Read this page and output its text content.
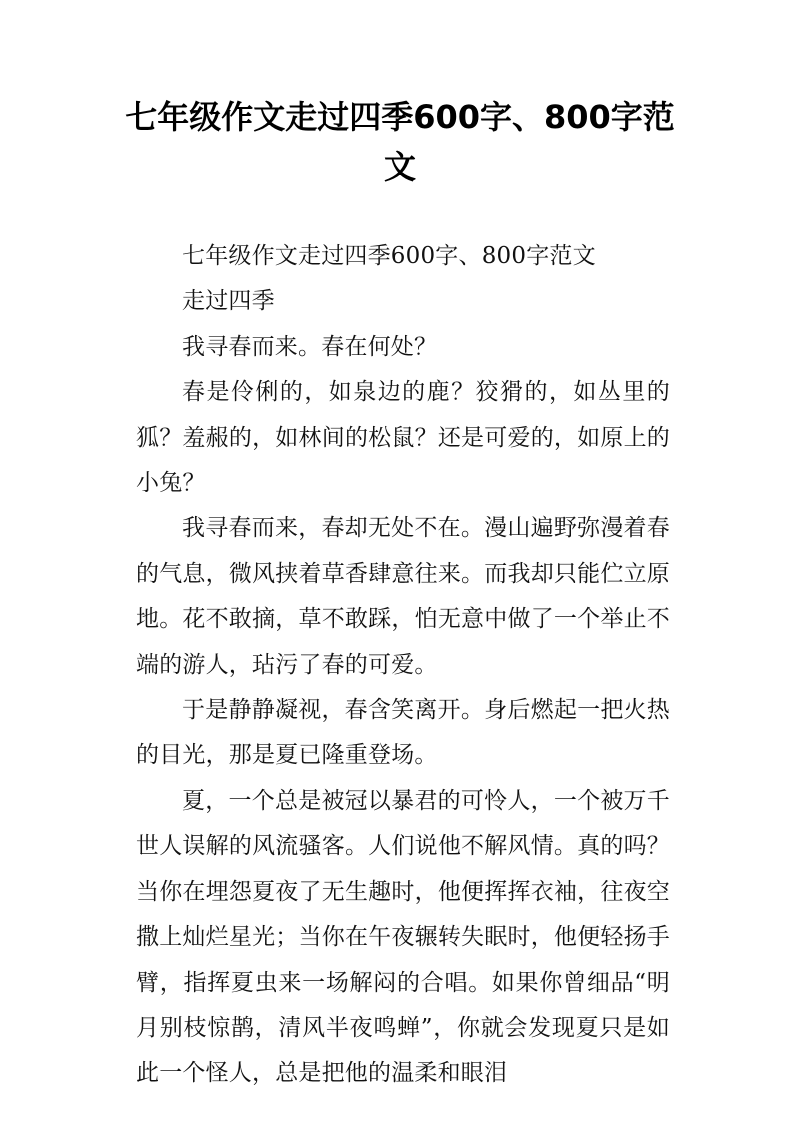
七年级作文走过四季600字、800字范文

七年级作文走过四季600字、800字范文

走过四季

我寻春而来。春在何处？

春是伶俐的，如泉边的鹿？狡猾的，如丛里的狐？羞赧的，如林间的松鼠？还是可爱的，如原上的小兔？

我寻春而来，春却无处不在。漫山遍野弥漫着春的气息，微风挟着草香肆意往来。而我却只能伫立原地。花不敢摘，草不敢踩，怕无意中做了一个举止不端的游人，玷污了春的可爱。

于是静静凝视，春含笑离开。身后燃起一把火热的目光，那是夏已隆重登场。

夏，一个总是被冠以暴君的可怜人，一个被万千世人误解的风流骚客。人们说他不解风情。真的吗？当你在埋怨夏夜了无生趣时，他便挥挥衣袖，往夜空撒上灿烂星光；当你在午夜辗转失眠时，他便轻扬手臂，指挥夏虫来一场解闷的合唱。如果你曾细品“明月别枝惊鹊，清风半夜鸣蝉”，你就会发现夏只是如此一个怪人，总是把他的温柔和眼泪
